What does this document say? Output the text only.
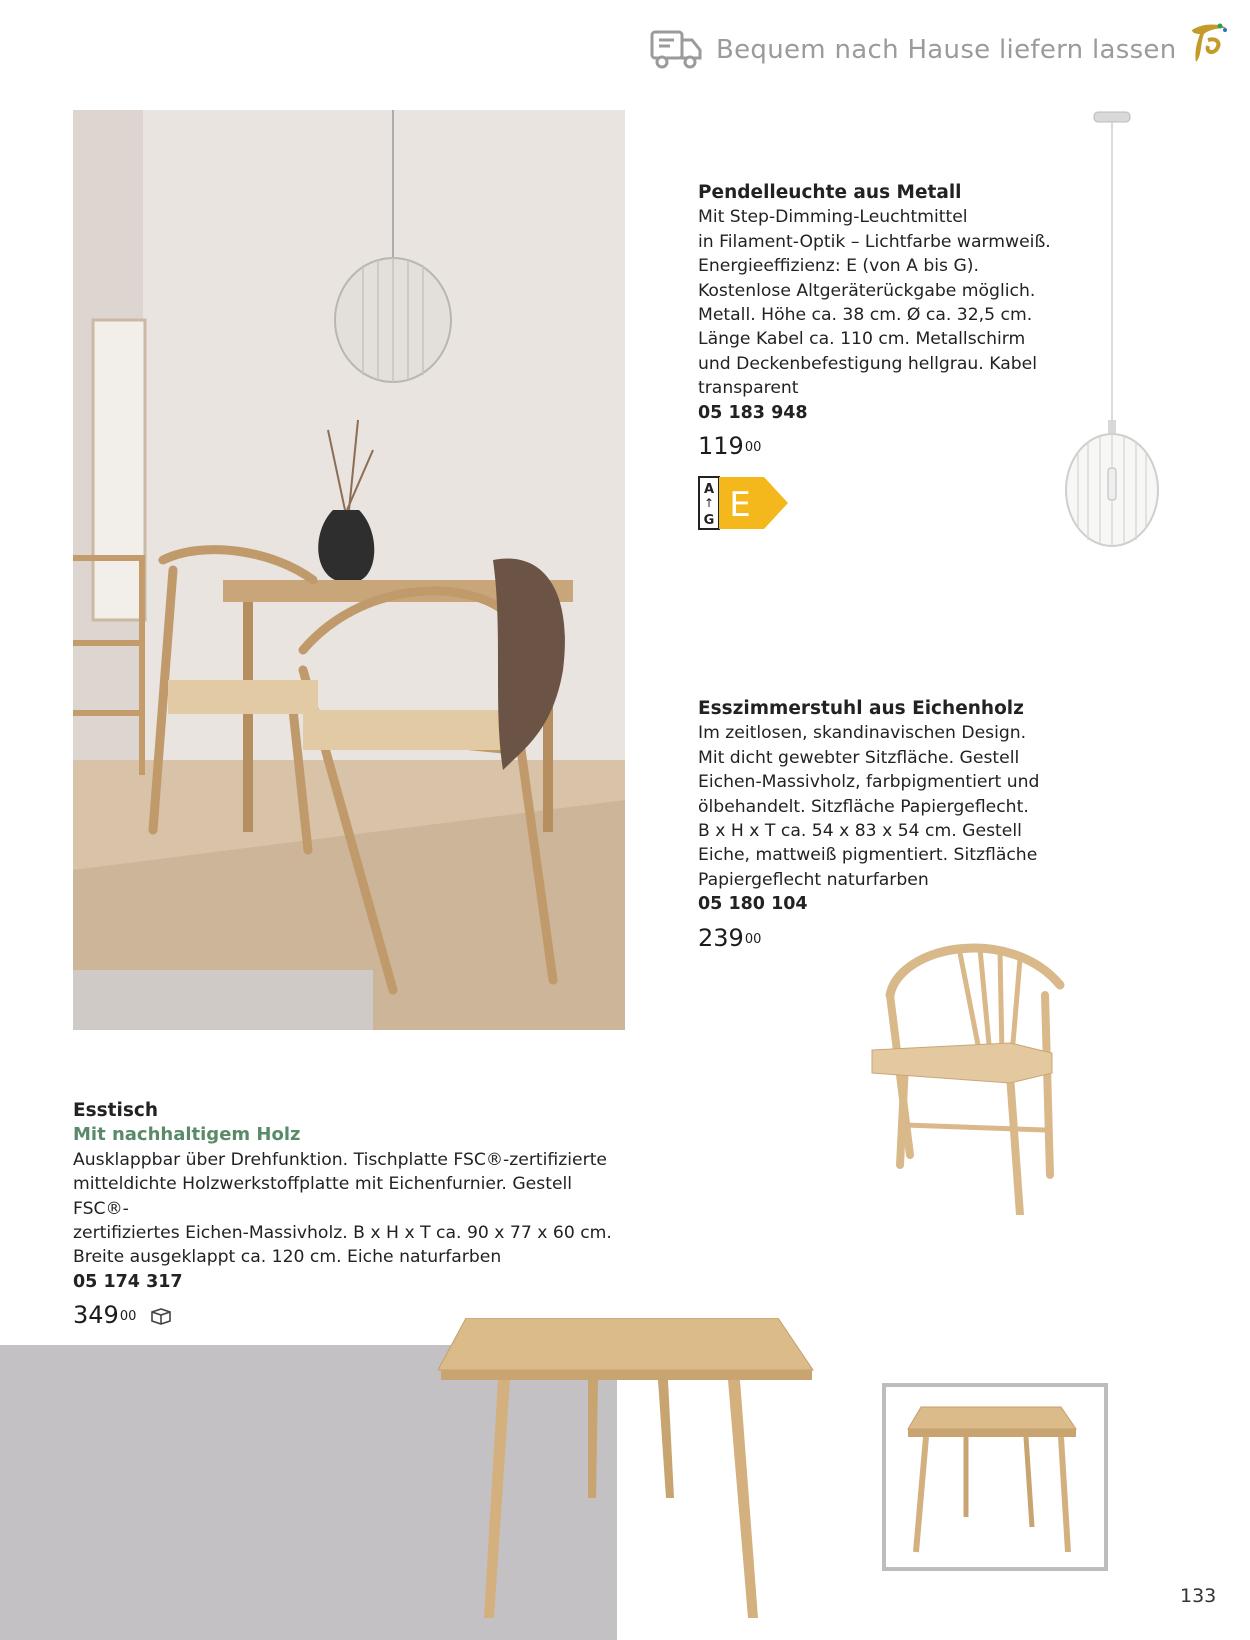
Bequem nach Hause liefern lassen
Pendelleuchte aus Metall
Mit Step-Dimming-Leuchtmittel
in Filament-Optik – Lichtfarbe warmweiß.
Energieeffizienz: E (von A bis G).
Kostenlose Altgeräterückgabe möglich.
Metall. Höhe ca. 38 cm. Ø ca. 32,5 cm.
Länge Kabel ca. 110 cm. Metallschirm
und Deckenbefestigung hellgrau. Kabel
transparent
05 183 948
$119^{00}$
A
↑
G E
Esszimmerstuhl aus Eichenholz
Im zeitlosen, skandinavischen Design.
Mit dicht gewebter Sitzfläche. Gestell
Eichen-Massivholz, farbpigmentiert und
ölbehandelt. Sitzfläche Papiergeflecht.
B x H x T ca. 54 x 83 x 54 cm. Gestell
Eiche, mattweiß pigmentiert. Sitzfläche
Papiergeflecht naturfarben
05 180 104
$239^{00}$
Esstisch
Mit nachhaltigem Holz
Ausklappbar über Drehfunktion. Tischplatte FSC®-zertifizierte
mitteldichte Holzwerkstoffplatte mit Eichenfurnier. Gestell FSC®-
zertifiziertes Eichen-Massivholz. B x H x T ca. 90 x 77 x 60 cm.
Breite ausgeklappt ca. 120 cm. Eiche naturfarben
05 174 317
$349^{00}$
133
